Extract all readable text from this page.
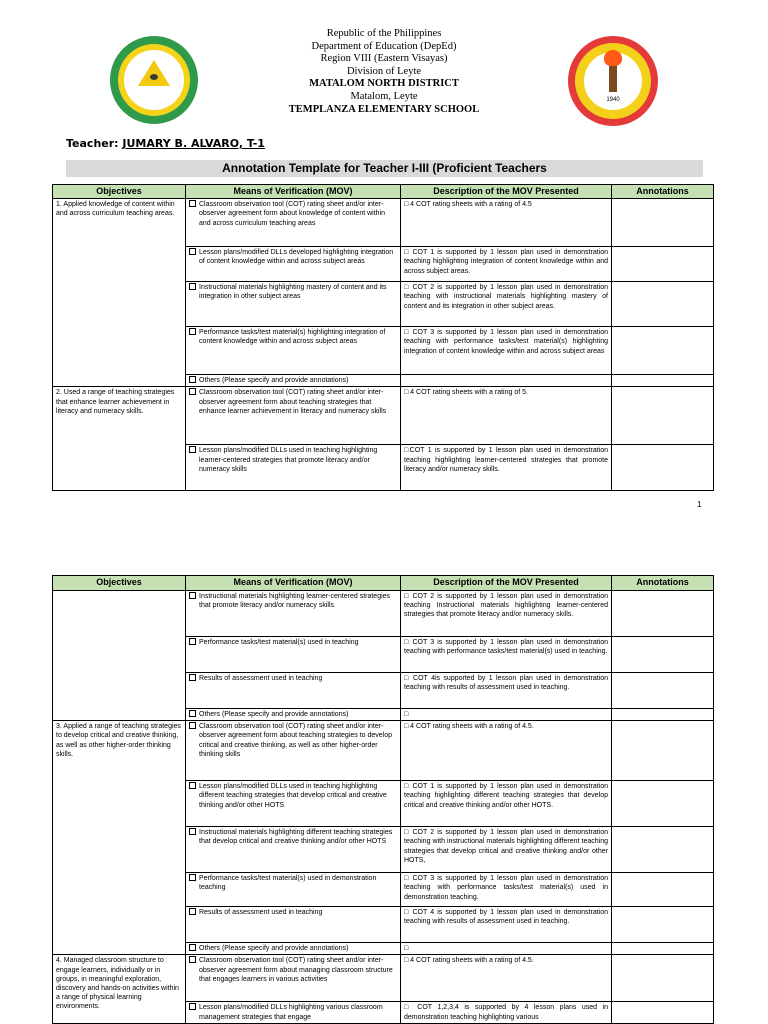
1940
Republic of the Philippines
Department of Education (DepEd)
Region VIII (Eastern Visayas)
Division of Leyte
MATALOM NORTH DISTRICT
Matalom, Leyte
TEMPLANZA ELEMENTARY SCHOOL
Teacher: JUMARY B. ALVARO, T-1
Annotation Template for Teacher I-III (Proficient Teachers
Objectives	Means of Verification (MOV)	Description of the MOV Presented	Annotations
1. Applied knowledge of content within and across curriculum teaching areas.	Classroom observation tool (COT) rating sheet and/or inter-observer agreement form about knowledge of content within and across curriculum teaching areas	□ 4 COT rating sheets with a rating of 4.5	

	Lesson plans/modified DLLs developed highlighting integration of content knowledge within and across subject areas	□ COT 1 is supported by 1 lesson plan used in demonstration teaching highlighting integration of content knowledge within and across subject areas.	

	Instructional materials highlighting mastery of content and its integration in other subject areas	□ COT 2 is supported by 1 lesson plan used in demonstration teaching with instructional materials highlighting mastery of content and its integration in other subject areas.	

	Performance tasks/test material(s) highlighting integration of content knowledge within and across subject areas	□ COT 3 is supported by 1 lesson plan used in demonstration teaching with performance tasks/test material(s) highlighting integration of content knowledge within and across subject areas	

	Others (Please specify and provide annotations)		

2. Used a range of teaching strategies that enhance learner achievement in literacy and numeracy skills.	Classroom observation tool (COT) rating sheet and/or inter-observer agreement form about teaching strategies that enhance learner achievement in literacy and numeracy skills	□ 4 COT rating sheets with a rating of 5.	

	Lesson plans/modified DLLs used in teaching highlighting learner-centered strategies that promote literacy and/or numeracy skills	□COT 1 is supported by 1 lesson plan used in demonstration teaching highlighting learner-centered strategies that promote literacy and/or numeracy skills.	
1
Objectives	Means of Verification (MOV)	Description of the MOV Presented	Annotations

	Instructional materials highlighting learner-centered strategies that promote literacy and/or numeracy skills	□ COT 2 is supported by 1 lesson plan used in demonstration teaching Instructional materials highlighting learner-centered strategies that promote literacy and/or numeracy skills.	

	Performance tasks/test material(s) used in teaching	□ COT 3 is supported by 1 lesson plan used in demonstration teaching with performance tasks/test material(s) used in teaching.	

	Results of assessment used in teaching	□ COT 4is supported by 1 lesson plan used in demonstration teaching with results of assessment used in teaching.	

	Others (Please specify and provide annotations)	□	
3. Applied a range of teaching strategies to develop critical and creative thinking, as well as other higher-order thinking skills.	Classroom observation tool (COT) rating sheet and/or inter-observer agreement form about teaching strategies to develop critical and creative thinking, as well as other higher-order thinking skills	□ 4 COT rating sheets with a rating of 4.5.	

	Lesson plans/modified DLLs used in teaching highlighting different teaching strategies that develop critical and creative thinking and/or other HOTS	□ COT 1 is supported by 1 lesson plan used in demonstration teaching highlighting different teaching strategies that develop critical and creative thinking and/or other HOTS.	

	Instructional materials highlighting different teaching strategies that develop critical and creative thinking and/or other HOTS	□ COT 2 is supported by 1 lesson plan used in demonstration teaching with instructional materials highlighting different teaching strategies that develop critical and creative thinking and/or other HOTS,	

	Performance tasks/test material(s) used in demonstration teaching	□ COT 3 is supported by 1 lesson plan used in demonstration teaching with performance tasks/test material(s) used in demonstration teaching.	

	Results of assessment used in teaching	□ COT 4 is supported by 1 lesson plan used in demonstration teaching with results of assessment used in teaching.	

	Others (Please specify and provide annotations)	□	
4. Managed classroom structure to engage learners, individually or in groups, in meaningful exploration, discovery and hands-on activities within a range of physical learning environments.	Classroom observation tool (COT) rating sheet and/or inter-observer agreement form about managing classroom structure that engages learners in various activities	□ 4 COT rating sheets with a rating of 4.5.	

	Lesson plans/modified DLLs highlighting various classroom management strategies that engage	□ COT 1,2,3,4 is supported by 4 lesson plans used in demonstration teaching highlighting various	
